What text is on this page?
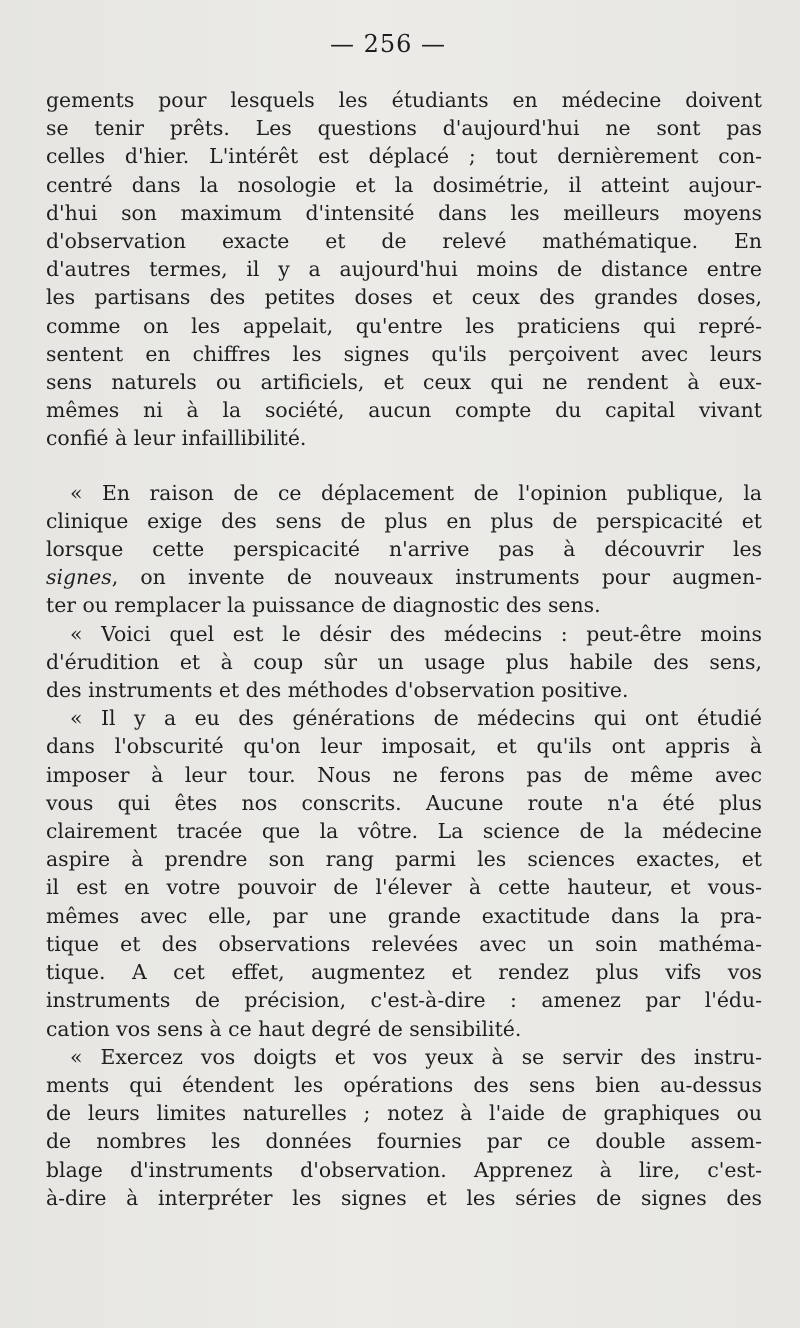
— 256 —

gements pour lesquels les étudiants en médecine doivent
se tenir prêts. Les questions d'aujourd'hui ne sont pas
celles d'hier. L'intérêt est déplacé ; tout dernièrement con-
centré dans la nosologie et la dosimétrie, il atteint aujour-
d'hui son maximum d'intensité dans les meilleurs moyens
d'observation exacte et de relevé mathématique. En
d'autres termes, il y a aujourd'hui moins de distance entre
les partisans des petites doses et ceux des grandes doses,
comme on les appelait, qu'entre les praticiens qui repré-
sentent en chiffres les signes qu'ils perçoivent avec leurs
sens naturels ou artificiels, et ceux qui ne rendent à eux-
mêmes ni à la société, aucun compte du capital vivant
confié à leur infaillibilité.

« En raison de ce déplacement de l'opinion publique, la
clinique exige des sens de plus en plus de perspicacité et
lorsque cette perspicacité n'arrive pas à découvrir les
signes, on invente de nouveaux instruments pour augmen-
ter ou remplacer la puissance de diagnostic des sens.

« Voici quel est le désir des médecins : peut-être moins
d'érudition et à coup sûr un usage plus habile des sens,
des instruments et des méthodes d'observation positive.

« Il y a eu des générations de médecins qui ont étudié
dans l'obscurité qu'on leur imposait, et qu'ils ont appris à
imposer à leur tour. Nous ne ferons pas de même avec
vous qui êtes nos conscrits. Aucune route n'a été plus
clairement tracée que la vôtre. La science de la médecine
aspire à prendre son rang parmi les sciences exactes, et
il est en votre pouvoir de l'élever à cette hauteur, et vous-
mêmes avec elle, par une grande exactitude dans la pra-
tique et des observations relevées avec un soin mathéma-
tique. A cet effet, augmentez et rendez plus vifs vos
instruments de précision, c'est-à-dire : amenez par l'édu-
cation vos sens à ce haut degré de sensibilité.

« Exercez vos doigts et vos yeux à se servir des instru-
ments qui étendent les opérations des sens bien au-dessus
de leurs limites naturelles ; notez à l'aide de graphiques ou
de nombres les données fournies par ce double assem-
blage d'instruments d'observation. Apprenez à lire, c'est-
à-dire à interpréter les signes et les séries de signes des
